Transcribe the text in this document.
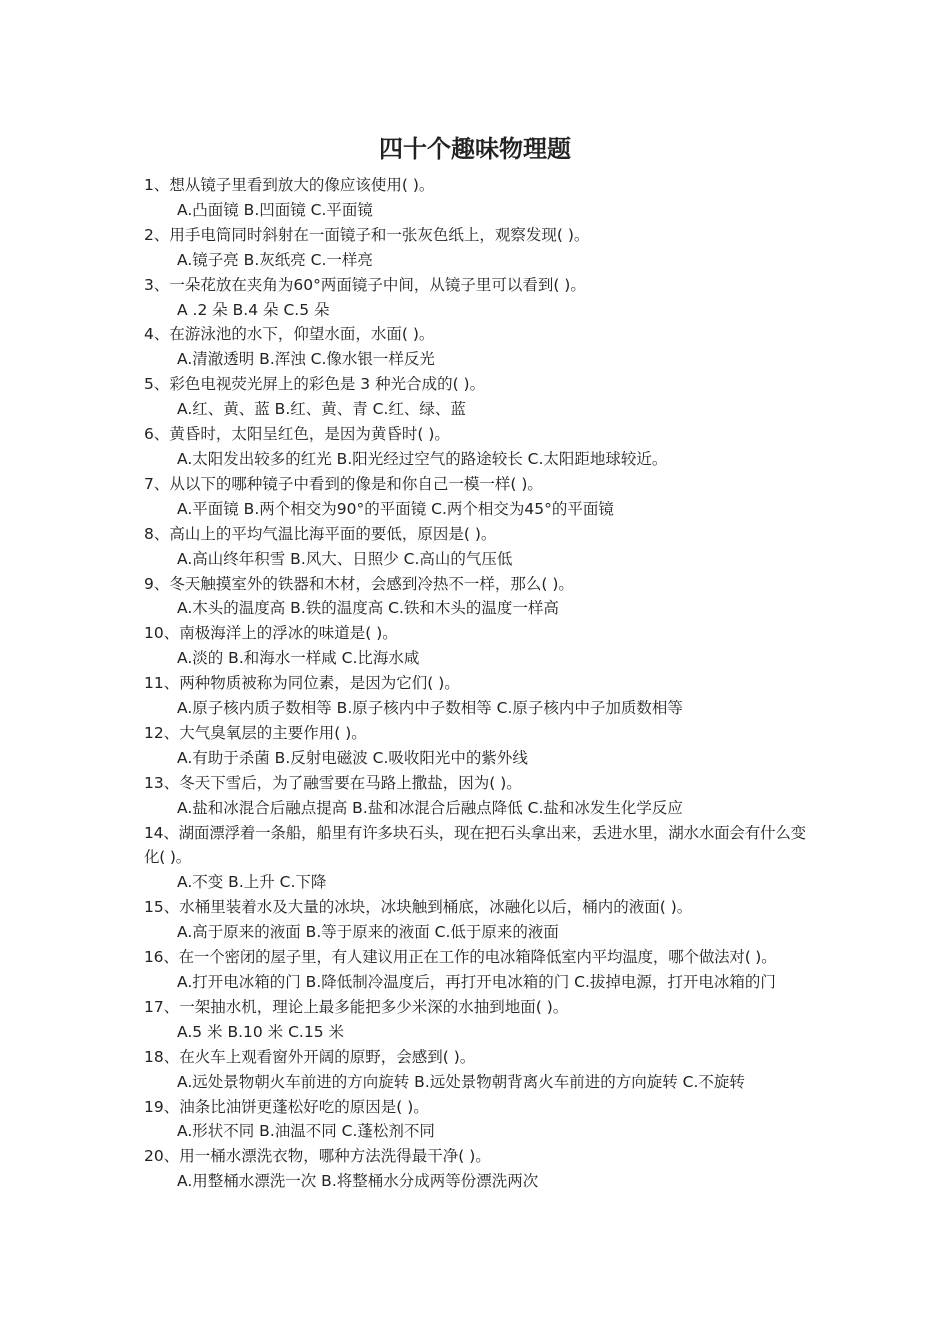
四十个趣味物理题
1、想从镜子里看到放大的像应该使用( )。
A.凸面镜 B.凹面镜 C.平面镜
2、用手电筒同时斜射在一面镜子和一张灰色纸上，观察发现( )。
A.镜子亮 B.灰纸亮 C.一样亮
3、一朵花放在夹角为60°两面镜子中间，从镜子里可以看到( )。
A .2 朵 B.4 朵 C.5 朵
4、在游泳池的水下，仰望水面，水面( )。
A.清澈透明 B.浑浊 C.像水银一样反光
5、彩色电视荧光屏上的彩色是 3 种光合成的( )。
A.红、黄、蓝 B.红、黄、青 C.红、绿、蓝
6、黄昏时，太阳呈红色，是因为黄昏时( )。
A.太阳发出较多的红光 B.阳光经过空气的路途较长 C.太阳距地球较近。
7、从以下的哪种镜子中看到的像是和你自己一模一样( )。
A.平面镜 B.两个相交为90°的平面镜 C.两个相交为45°的平面镜
8、高山上的平均气温比海平面的要低，原因是( )。
A.高山终年积雪 B.风大、日照少 C.高山的气压低
9、冬天触摸室外的铁器和木材，会感到冷热不一样，那么( )。
A.木头的温度高 B.铁的温度高 C.铁和木头的温度一样高
10、南极海洋上的浮冰的味道是( )。
A.淡的 B.和海水一样咸 C.比海水咸
11、两种物质被称为同位素，是因为它们( )。
A.原子核内质子数相等 B.原子核内中子数相等 C.原子核内中子加质数相等
12、大气臭氧层的主要作用( )。
A.有助于杀菌 B.反射电磁波 C.吸收阳光中的紫外线
13、冬天下雪后，为了融雪要在马路上撒盐，因为( )。
A.盐和冰混合后融点提高 B.盐和冰混合后融点降低 C.盐和冰发生化学反应
14、湖面漂浮着一条船，船里有许多块石头，现在把石头拿出来，丢进水里，湖水水面会有什么变化( )。
A.不变 B.上升 C.下降
15、水桶里装着水及大量的冰块，冰块触到桶底，冰融化以后，桶内的液面( )。
A.高于原来的液面 B.等于原来的液面 C.低于原来的液面
16、在一个密闭的屋子里，有人建议用正在工作的电冰箱降低室内平均温度，哪个做法对( )。
A.打开电冰箱的门 B.降低制冷温度后，再打开电冰箱的门 C.拔掉电源，打开电冰箱的门
17、一架抽水机，理论上最多能把多少米深的水抽到地面( )。
A.5 米 B.10 米 C.15 米
18、在火车上观看窗外开阔的原野，会感到( )。
A.远处景物朝火车前进的方向旋转 B.远处景物朝背离火车前进的方向旋转 C.不旋转
19、油条比油饼更蓬松好吃的原因是( )。
A.形状不同 B.油温不同 C.蓬松剂不同
20、用一桶水漂洗衣物，哪种方法洗得最干净( )。
A.用整桶水漂洗一次 B.将整桶水分成两等份漂洗两次
